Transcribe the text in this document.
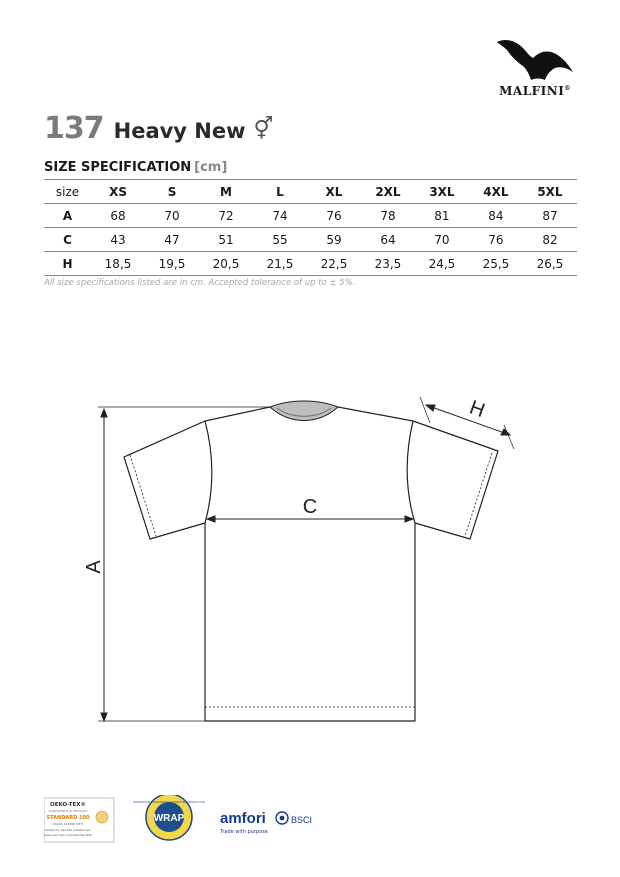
MALFINI®
137 Heavy New ⚥
SIZE SPECIFICATION [cm]
size	XS	S	M	L	XL	2XL	3XL	4XL	5XL
A	68	70	72	74	76	78	81	84	87
C	43	47	51	55	59	64	70	76	82
H	18,5	19,5	20,5	21,5	22,5	23,5	24,5	25,5	26,5
All size specifications listed are in cm. Accepted tolerance of up to ± 5%.
A
C
H
OEKO-TEX®
CONFIDENCE IN TEXTILES
STANDARD 100
9920A 123456 OETI
Tested for harmful substances.
www.oeko-tex.com/standard100
WRAP
WORLDWIDE RESPONSIBLE ACCREDITED PRODUCTION
amfori	BSCI
Trade with purpose
